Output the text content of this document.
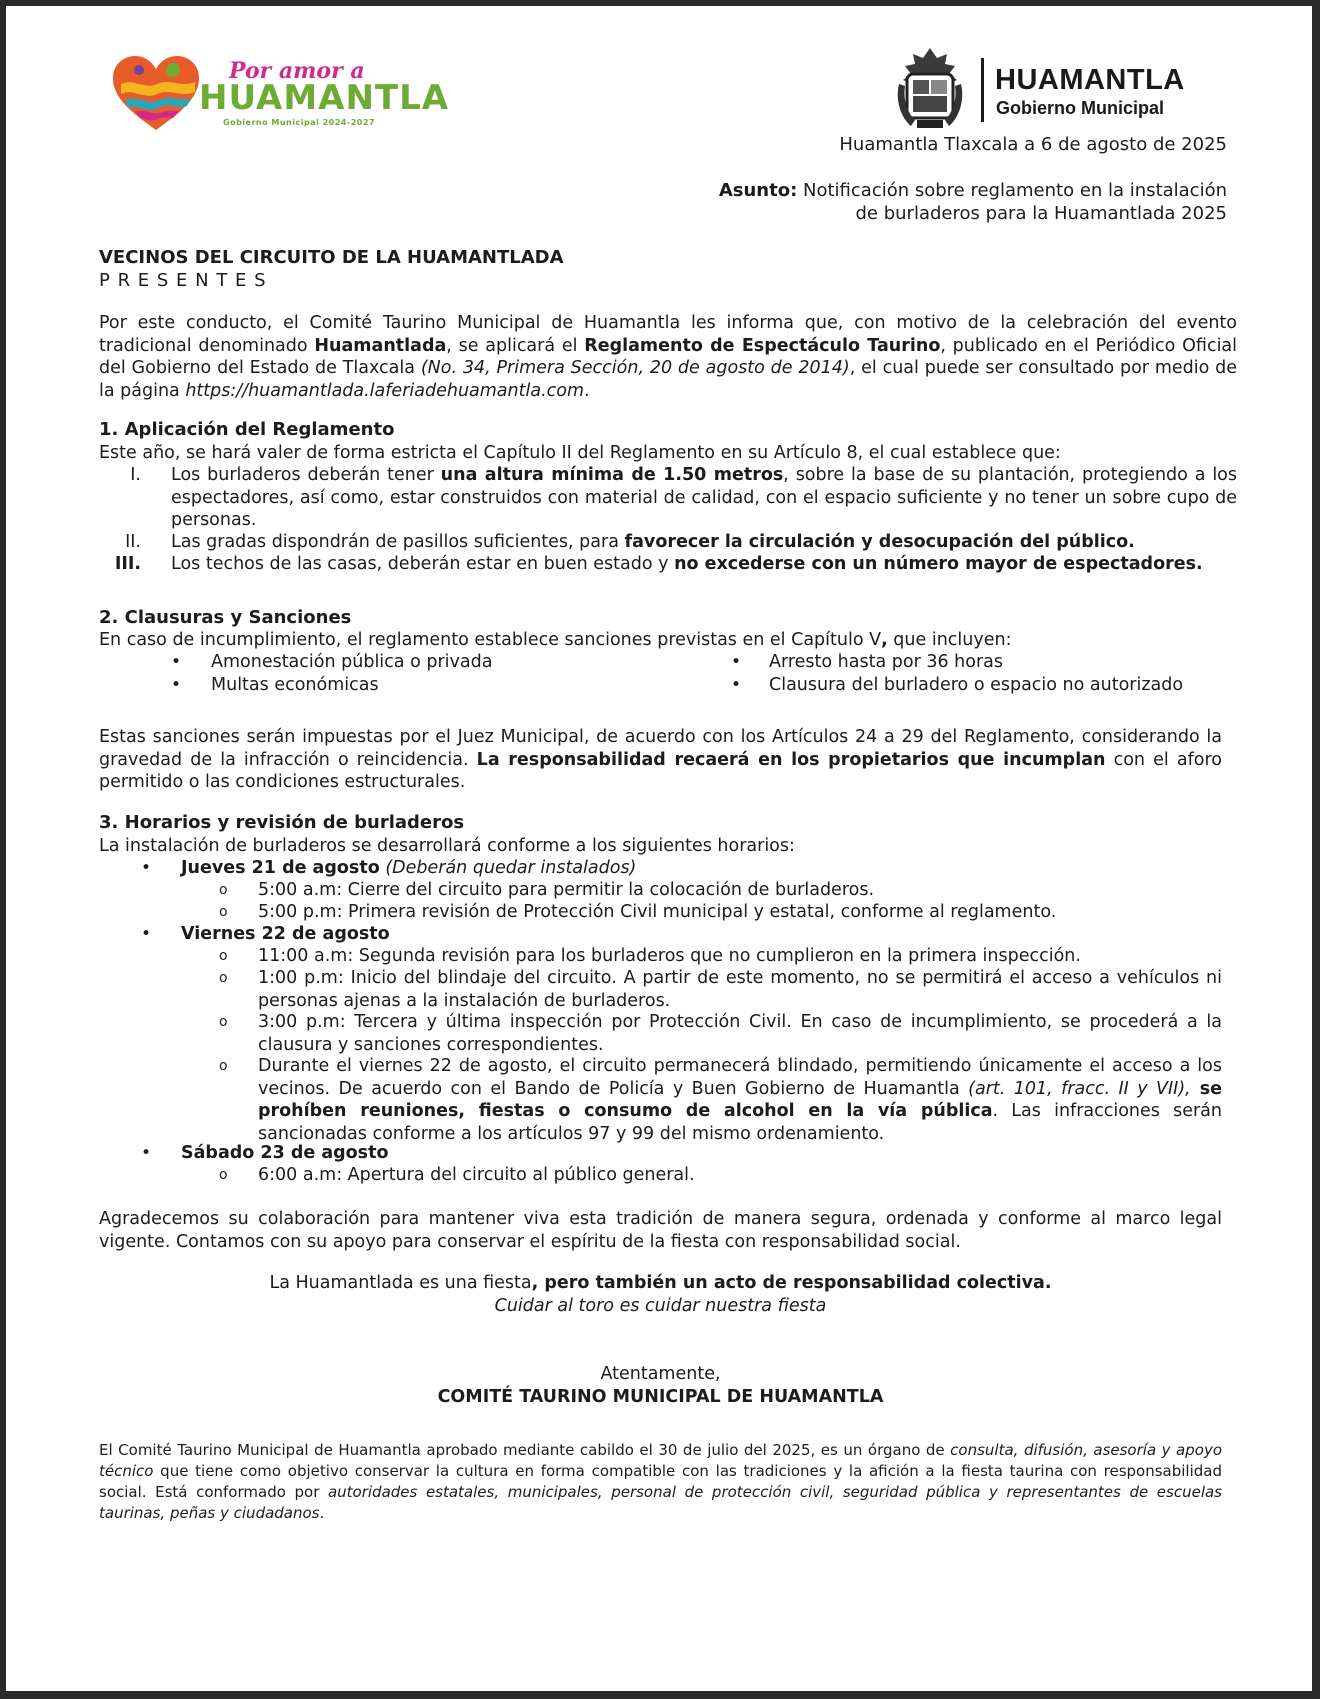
Por amor a
HUAMANTLA
Gobierno Municipal 2024-2027
HUAMANTLA
Gobierno Municipal
Huamantla Tlaxcala a 6 de agosto de 2025
Asunto: Notificación sobre reglamento en la instalación
de burladeros para la Huamantlada 2025
VECINOS DEL CIRCUITO DE LA HUAMANTLADA
P R E S E N T E S
Por este conducto, el Comité Taurino Municipal de Huamantla les informa que, con motivo de la celebración del evento tradicional denominado Huamantlada, se aplicará el Reglamento de Espectáculo Taurino, publicado en el Periódico Oficial del Gobierno del Estado de Tlaxcala (No. 34, Primera Sección, 20 de agosto de 2014), el cual puede ser consultado por medio de la página https://huamantlada.laferiadehuamantla.com.
1. Aplicación del Reglamento
Este año, se hará valer de forma estricta el Capítulo II del Reglamento en su Artículo 8, el cual establece que:
I. Los burladeros deberán tener una altura mínima de 1.50 metros, sobre la base de su plantación, protegiendo a los espectadores, así como, estar construidos con material de calidad, con el espacio suficiente y no tener un sobre cupo de personas.
II. Las gradas dispondrán de pasillos suficientes, para favorecer la circulación y desocupación del público.
III. Los techos de las casas, deberán estar en buen estado y no excederse con un número mayor de espectadores.
2. Clausuras y Sanciones
En caso de incumplimiento, el reglamento establece sanciones previstas en el Capítulo V, que incluyen:
• Amonestación pública o privada
• Multas económicas
• Arresto hasta por 36 horas
• Clausura del burladero o espacio no autorizado
Estas sanciones serán impuestas por el Juez Municipal, de acuerdo con los Artículos 24 a 29 del Reglamento, considerando la gravedad de la infracción o reincidencia. La responsabilidad recaerá en los propietarios que incumplan con el aforo permitido o las condiciones estructurales.
3. Horarios y revisión de burladeros
La instalación de burladeros se desarrollará conforme a los siguientes horarios:
• Jueves 21 de agosto (Deberán quedar instalados)
o 5:00 a.m: Cierre del circuito para permitir la colocación de burladeros.
o 5:00 p.m: Primera revisión de Protección Civil municipal y estatal, conforme al reglamento.
• Viernes 22 de agosto
o 11:00 a.m: Segunda revisión para los burladeros que no cumplieron en la primera inspección.
o 1:00 p.m: Inicio del blindaje del circuito. A partir de este momento, no se permitirá el acceso a vehículos ni personas ajenas a la instalación de burladeros.
o 3:00 p.m: Tercera y última inspección por Protección Civil. En caso de incumplimiento, se procederá a la clausura y sanciones correspondientes.
o Durante el viernes 22 de agosto, el circuito permanecerá blindado, permitiendo únicamente el acceso a los vecinos. De acuerdo con el Bando de Policía y Buen Gobierno de Huamantla (art. 101, fracc. II y VII), se prohíben reuniones, fiestas o consumo de alcohol en la vía pública. Las infracciones serán sancionadas conforme a los artículos 97 y 99 del mismo ordenamiento.
• Sábado 23 de agosto
o 6:00 a.m: Apertura del circuito al público general.
Agradecemos su colaboración para mantener viva esta tradición de manera segura, ordenada y conforme al marco legal vigente. Contamos con su apoyo para conservar el espíritu de la fiesta con responsabilidad social.
La Huamantlada es una fiesta, pero también un acto de responsabilidad colectiva.
Cuidar al toro es cuidar nuestra fiesta
Atentamente,
COMITÉ TAURINO MUNICIPAL DE HUAMANTLA
El Comité Taurino Municipal de Huamantla aprobado mediante cabildo el 30 de julio del 2025, es un órgano de consulta, difusión, asesoría y apoyo técnico que tiene como objetivo conservar la cultura en forma compatible con las tradiciones y la afición a la fiesta taurina con responsabilidad social. Está conformado por autoridades estatales, municipales, personal de protección civil, seguridad pública y representantes de escuelas taurinas, peñas y ciudadanos.
